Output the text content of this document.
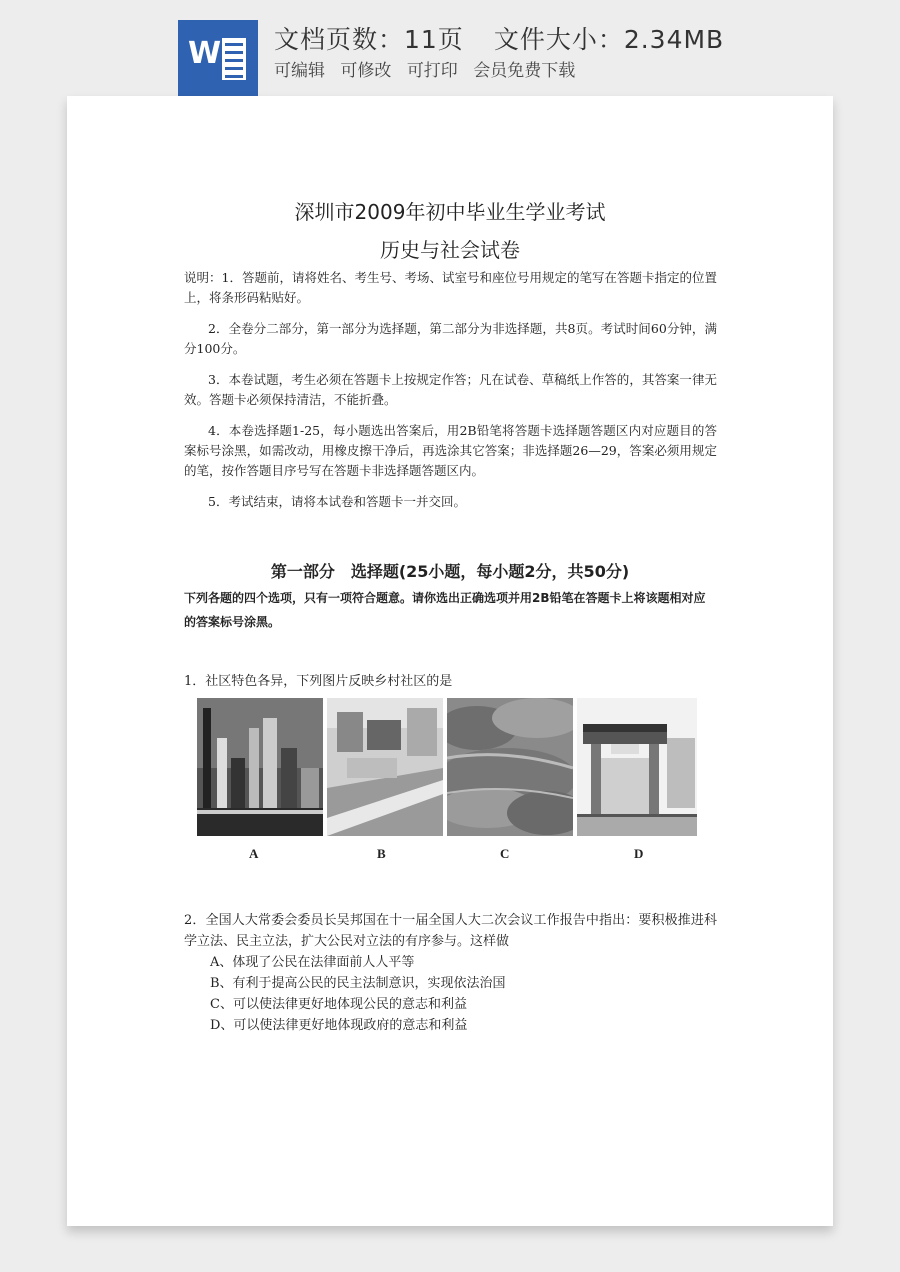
W 文档页数：11页 文件大小：2.34MB
可编辑 可修改 可打印 会员免费下载
深圳市2009年初中毕业生学业考试
历史与社会试卷

说明：1．答题前，请将姓名、考生号、考场、试室号和座位号用规定的笔写在答题卡指定的位置上，将条形码粘贴好。

2．全卷分二部分，第一部分为选择题，第二部分为非选择题，共8页。考试时间60分钟，满分100分。

3．本卷试题，考生必须在答题卡上按规定作答；凡在试卷、草稿纸上作答的，其答案一律无效。答题卡必须保持清洁，不能折叠。

4．本卷选择题1-25，每小题选出答案后，用2B铅笔将答题卡选择题答题区内对应题目的答案标号涂黑，如需改动，用橡皮擦干净后，再选涂其它答案；非选择题26—29，答案必须用规定的笔，按作答题目序号写在答题卡非选择题答题区内。

5．考试结束，请将本试卷和答题卡一并交回。

第一部分　选择题(25小题，每小题2分，共50分)
下列各题的四个选项，只有一项符合题意。请你选出正确选项并用2B铅笔在答题卡上将该题相对应的答案标号涂黑。
1．社区特色各异，下列图片反映乡村社区的是
A	B	C	D
2．全国人大常委会委员长吴邦国在十一届全国人大二次会议工作报告中指出：要积极推进科学立法、民主立法，扩大公民对立法的有序参与。这样做
A、体现了公民在法律面前人人平等
B、有利于提高公民的民主法制意识，实现依法治国
C、可以使法律更好地体现公民的意志和利益
D、可以使法律更好地体现政府的意志和利益
